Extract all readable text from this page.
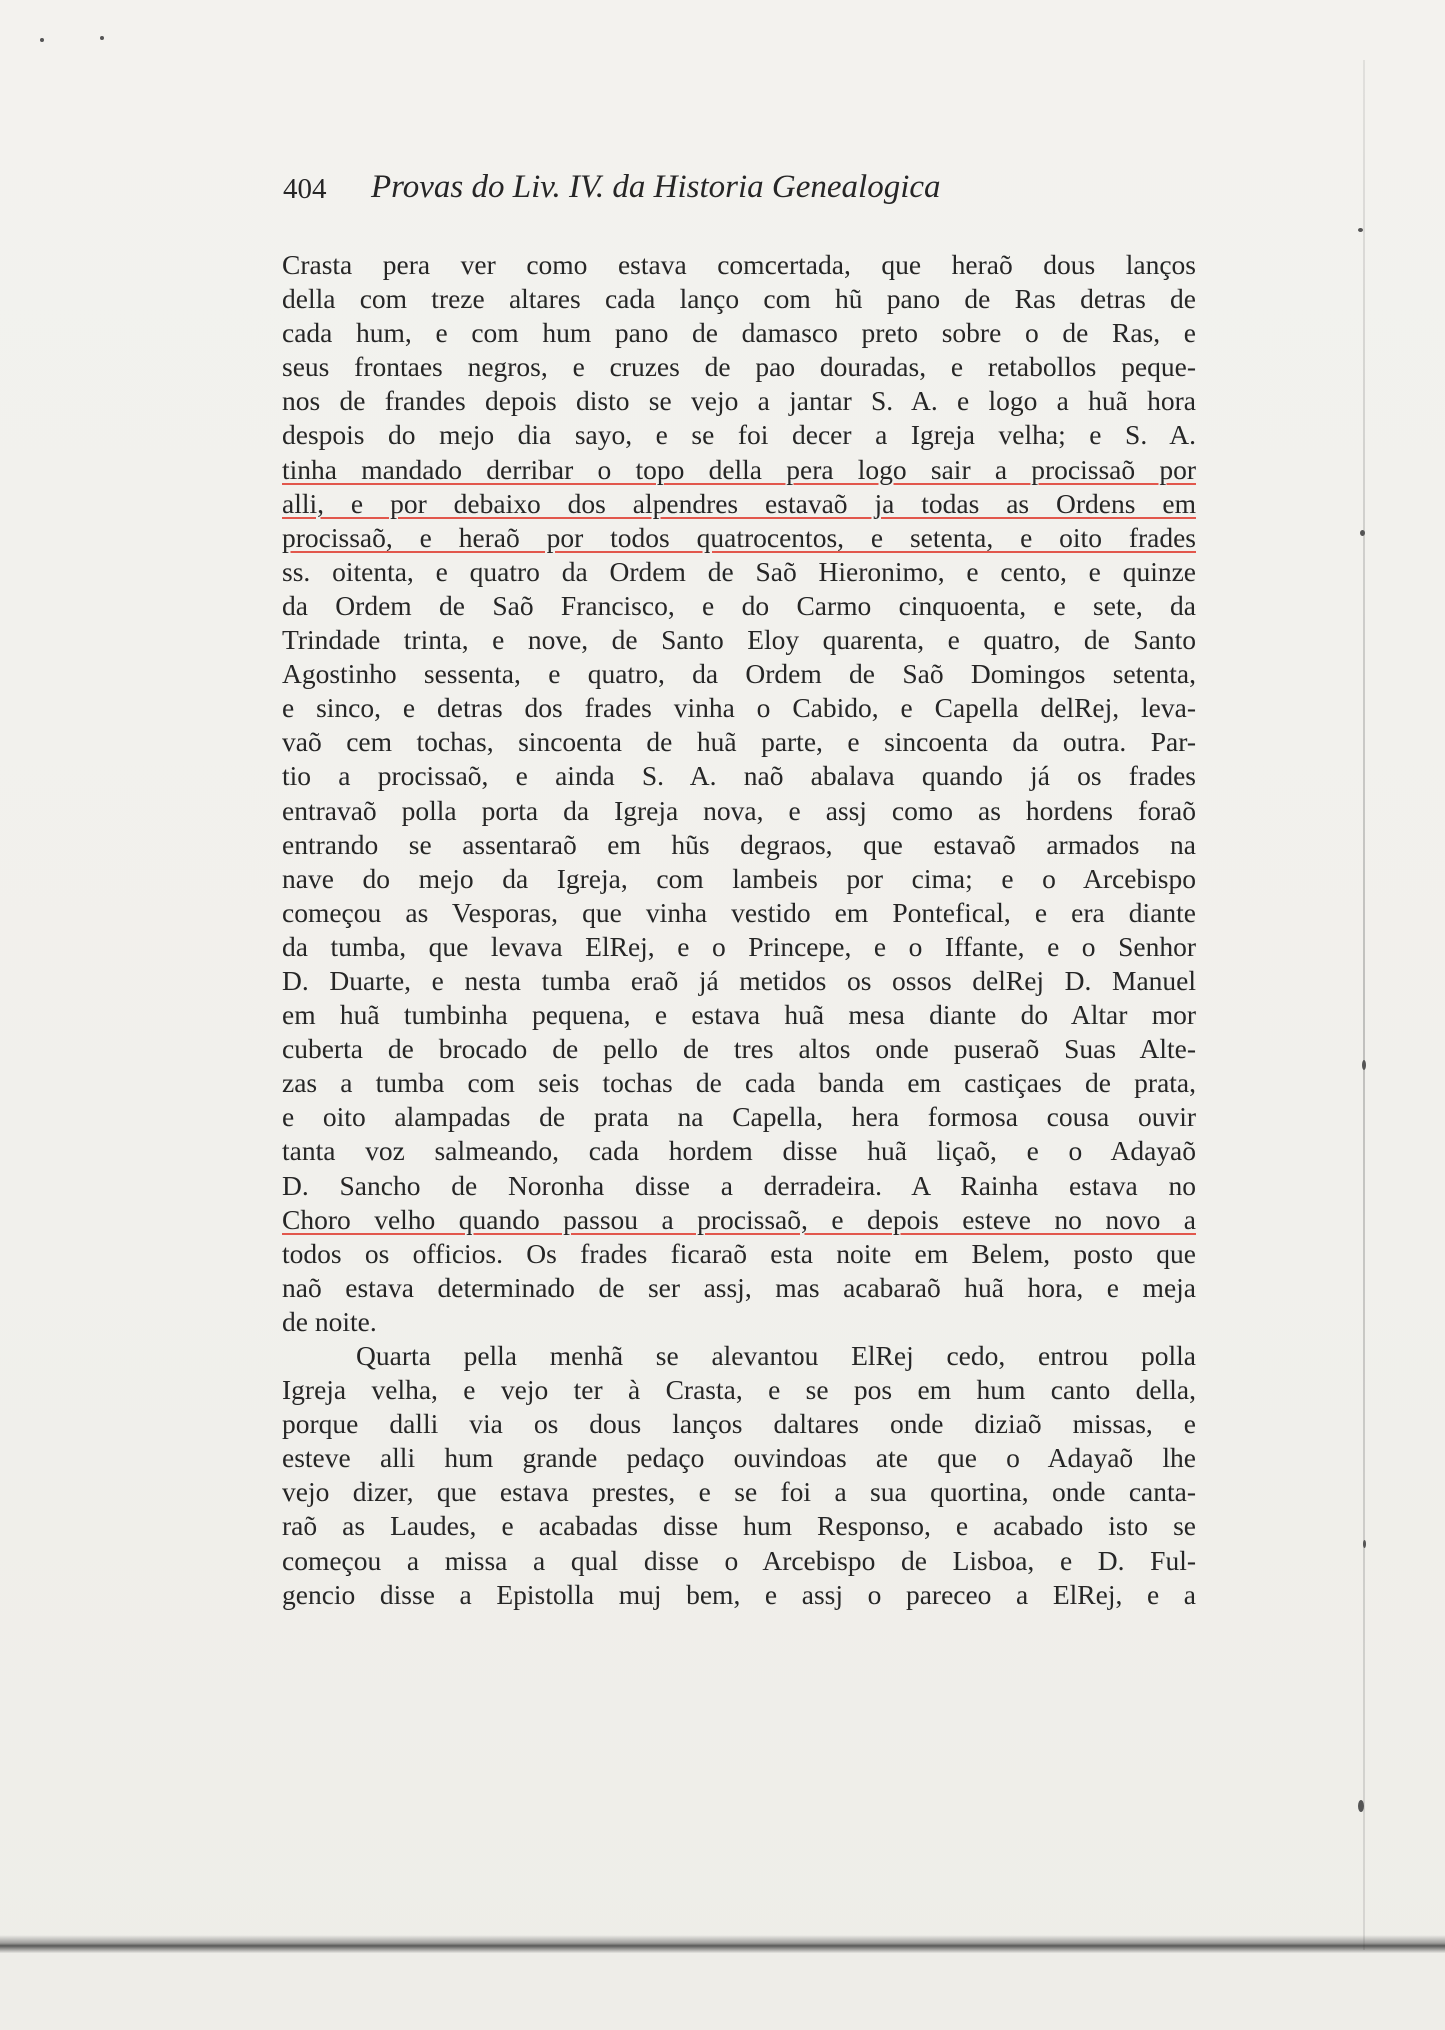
404 Provas do Liv. IV. da Historia Genealogica
Crasta pera ver como estava comcertada, que heraõ dous lanços
della com treze altares cada lanço com hũ pano de Ras detras de
cada hum, e com hum pano de damasco preto sobre o de Ras, e
seus frontaes negros, e cruzes de pao douradas, e retabollos peque-
nos de frandes depois disto se vejo a jantar S. A. e logo a huã hora
despois do mejo dia sayo, e se foi decer a Igreja velha; e S. A.
tinha mandado derribar o topo della pera logo sair a procissaõ por
alli, e por debaixo dos alpendres estavaõ ja todas as Ordens em
procissaõ, e heraõ por todos quatrocentos, e setenta, e oito frades
ss. oitenta, e quatro da Ordem de Saõ Hieronimo, e cento, e quinze
da Ordem de Saõ Francisco, e do Carmo cinquoenta, e sete, da
Trindade trinta, e nove, de Santo Eloy quarenta, e quatro, de Santo
Agostinho sessenta, e quatro, da Ordem de Saõ Domingos setenta,
e sinco, e detras dos frades vinha o Cabido, e Capella delRej, leva-
vaõ cem tochas, sincoenta de huã parte, e sincoenta da outra. Par-
tio a procissaõ, e ainda S. A. naõ abalava quando já os frades
entravaõ polla porta da Igreja nova, e assj como as hordens foraõ
entrando se assentaraõ em hũs degraos, que estavaõ armados na
nave do mejo da Igreja, com lambeis por cima; e o Arcebispo
começou as Vesporas, que vinha vestido em Pontefical, e era diante
da tumba, que levava ElRej, e o Princepe, e o Iffante, e o Senhor
D. Duarte, e nesta tumba eraõ já metidos os ossos delRej D. Manuel
em huã tumbinha pequena, e estava huã mesa diante do Altar mor
cuberta de brocado de pello de tres altos onde puseraõ Suas Alte-
zas a tumba com seis tochas de cada banda em castiçaes de prata,
e oito alampadas de prata na Capella, hera formosa cousa ouvir
tanta voz salmeando, cada hordem disse huã liçaõ, e o Adayaõ
D. Sancho de Noronha disse a derradeira. A Rainha estava no
Choro velho quando passou a procissaõ, e depois esteve no novo a
todos os officios. Os frades ficaraõ esta noite em Belem, posto que
naõ estava determinado de ser assj, mas acabaraõ huã hora, e meja
de noite.
Quarta pella menhã se alevantou ElRej cedo, entrou polla
Igreja velha, e vejo ter à Crasta, e se pos em hum canto della,
porque dalli via os dous lanços daltares onde diziaõ missas, e
esteve alli hum grande pedaço ouvindoas ate que o Adayaõ lhe
vejo dizer, que estava prestes, e se foi a sua quortina, onde canta-
raõ as Laudes, e acabadas disse hum Responso, e acabado isto se
começou a missa a qual disse o Arcebispo de Lisboa, e D. Ful-
gencio disse a Epistolla muj bem, e assj o pareceo a ElRej, e a
